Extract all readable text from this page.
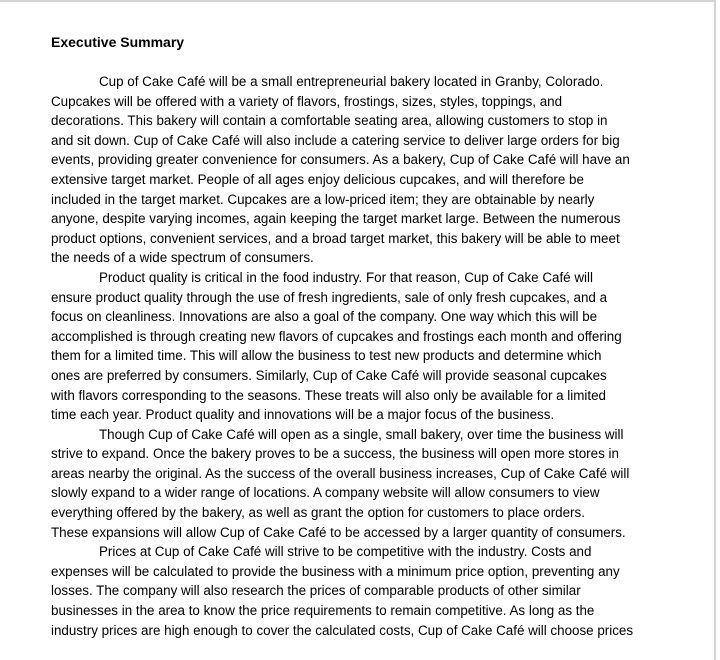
Executive Summary
Cup of Cake Café will be a small entrepreneurial bakery located in Granby, Colorado.
Cupcakes will be offered with a variety of flavors, frostings, sizes, styles, toppings, and
decorations. This bakery will contain a comfortable seating area, allowing customers to stop in
and sit down. Cup of Cake Café will also include a catering service to deliver large orders for big
events, providing greater convenience for consumers. As a bakery, Cup of Cake Café will have an
extensive target market. People of all ages enjoy delicious cupcakes, and will therefore be
included in the target market. Cupcakes are a low-priced item; they are obtainable by nearly
anyone, despite varying incomes, again keeping the target market large. Between the numerous
product options, convenient services, and a broad target market, this bakery will be able to meet
the needs of a wide spectrum of consumers.
Product quality is critical in the food industry. For that reason, Cup of Cake Café will
ensure product quality through the use of fresh ingredients, sale of only fresh cupcakes, and a
focus on cleanliness. Innovations are also a goal of the company. One way which this will be
accomplished is through creating new flavors of cupcakes and frostings each month and offering
them for a limited time. This will allow the business to test new products and determine which
ones are preferred by consumers. Similarly, Cup of Cake Café will provide seasonal cupcakes
with flavors corresponding to the seasons. These treats will also only be available for a limited
time each year. Product quality and innovations will be a major focus of the business.
Though Cup of Cake Café will open as a single, small bakery, over time the business will
strive to expand. Once the bakery proves to be a success, the business will open more stores in
areas nearby the original. As the success of the overall business increases, Cup of Cake Café will
slowly expand to a wider range of locations. A company website will allow consumers to view
everything offered by the bakery, as well as grant the option for customers to place orders.
These expansions will allow Cup of Cake Café to be accessed by a larger quantity of consumers.
Prices at Cup of Cake Café will strive to be competitive with the industry. Costs and
expenses will be calculated to provide the business with a minimum price option, preventing any
losses. The company will also research the prices of comparable products of other similar
businesses in the area to know the price requirements to remain competitive. As long as the
industry prices are high enough to cover the calculated costs, Cup of Cake Café will choose prices
